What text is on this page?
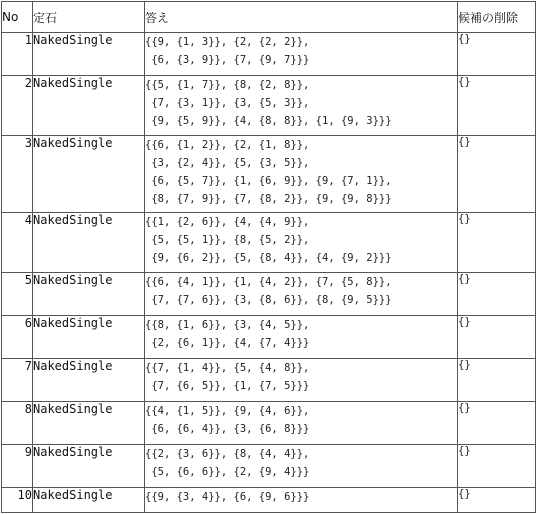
No	定石	答え	候補の削除
1	NakedSingle	{{9, {1, 3}}, {2, {2, 2}},
{6, {3, 9}}, {7, {9, 7}}}	{}
2	NakedSingle	{{5, {1, 7}}, {8, {2, 8}},
{7, {3, 1}}, {3, {5, 3}},
{9, {5, 9}}, {4, {8, 8}}, {1, {9, 3}}}	{}
3	NakedSingle	{{6, {1, 2}}, {2, {1, 8}},
{3, {2, 4}}, {5, {3, 5}},
{6, {5, 7}}, {1, {6, 9}}, {9, {7, 1}},
{8, {7, 9}}, {7, {8, 2}}, {9, {9, 8}}}	{}
4	NakedSingle	{{1, {2, 6}}, {4, {4, 9}},
{5, {5, 1}}, {8, {5, 2}},
{9, {6, 2}}, {5, {8, 4}}, {4, {9, 2}}}	{}
5	NakedSingle	{{6, {4, 1}}, {1, {4, 2}}, {7, {5, 8}},
{7, {7, 6}}, {3, {8, 6}}, {8, {9, 5}}}	{}
6	NakedSingle	{{8, {1, 6}}, {3, {4, 5}},
{2, {6, 1}}, {4, {7, 4}}}	{}
7	NakedSingle	{{7, {1, 4}}, {5, {4, 8}},
{7, {6, 5}}, {1, {7, 5}}}	{}
8	NakedSingle	{{4, {1, 5}}, {9, {4, 6}},
{6, {6, 4}}, {3, {6, 8}}}	{}
9	NakedSingle	{{2, {3, 6}}, {8, {4, 4}},
{5, {6, 6}}, {2, {9, 4}}}	{}
10	NakedSingle	{{9, {3, 4}}, {6, {9, 6}}}	{}
